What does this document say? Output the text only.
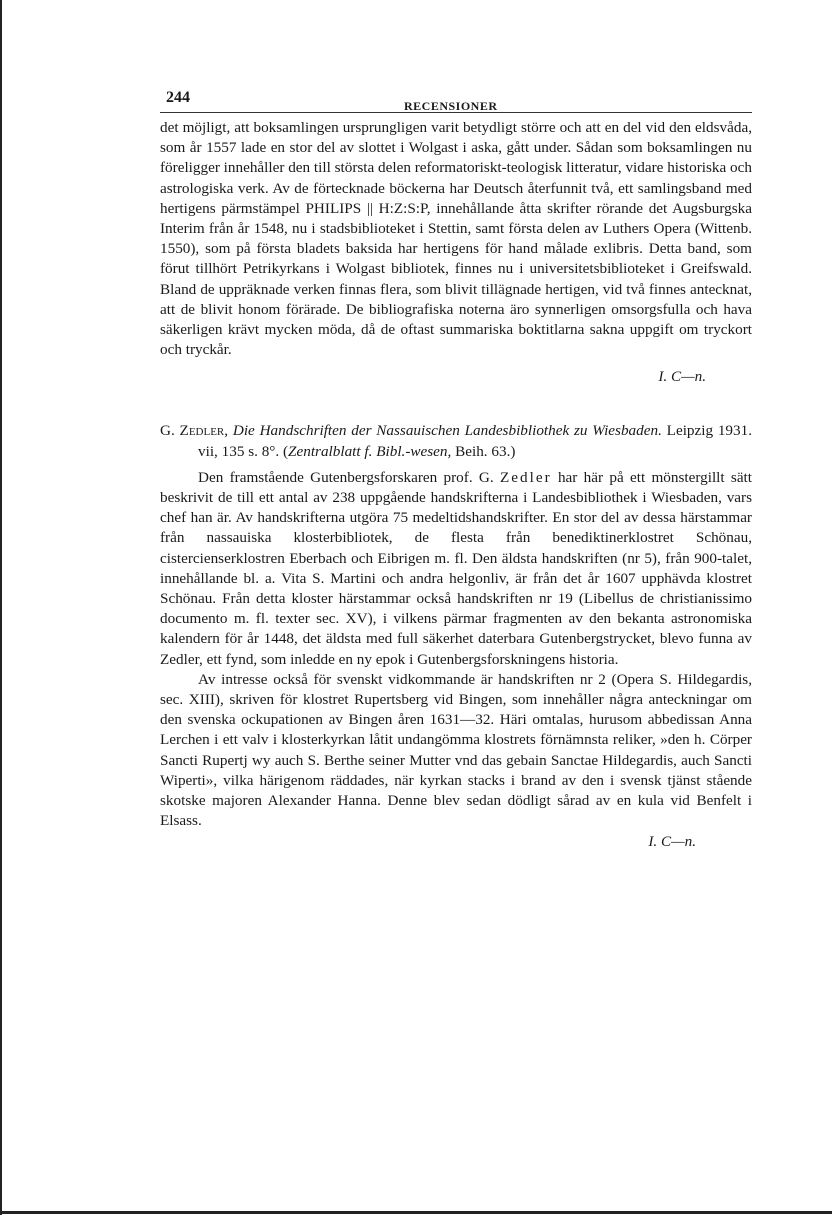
244	RECENSIONER

det möjligt, att boksamlingen ursprungligen varit betydligt större och att en del vid den eldsvåda, som år 1557 lade en stor del av slottet i Wolgast i aska, gått under. Sådan som boksamlingen nu föreligger innehåller den till största delen reformatoriskt-teologisk litteratur, vidare historiska och astrologiska verk. Av de förtecknade böckerna har Deutsch återfunnit två, ett samlingsband med hertigens pärmstämpel PHILIPS || H:Z:S:P, innehållande åtta skrifter rörande det Augsburgska Interim från år 1548, nu i stadsbiblioteket i Stettin, samt första delen av Luthers Opera (Wittenb. 1550), som på första bladets baksida har hertigens för hand målade exlibris. Detta band, som förut tillhört Petrikyrkans i Wolgast bibliotek, finnes nu i universitetsbiblioteket i Greifswald. Bland de uppräknade verken finnas flera, som blivit tillägnade hertigen, vid två finnes antecknat, att de blivit honom förärade. De bibliografiska noterna äro synnerligen omsorgsfulla och hava säkerligen krävt mycken möda, då de oftast summariska boktitlarna sakna uppgift om tryckort och tryckår.

I. C—n.

G. Zedler, Die Handschriften der Nassauischen Landesbibliothek zu Wiesbaden. Leipzig 1931. vii, 135 s. 8°. (Zentralblatt f. Bibl.-wesen, Beih. 63.)

Den framstående Gutenbergsforskaren prof. G. Zedler har här på ett mönstergillt sätt beskrivit de till ett antal av 238 uppgående handskrifterna i Landesbibliothek i Wiesbaden, vars chef han är. Av handskrifterna utgöra 75 medeltidshandskrifter. En stor del av dessa härstammar från nassauiska klosterbibliotek, de flesta från benediktinerklostret Schönau, cistercienserklostren Eberbach och Eibrigen m. fl. Den äldsta handskriften (nr 5), från 900-talet, innehållande bl. a. Vita S. Martini och andra helgonliv, är från det år 1607 upphävda klostret Schönau. Från detta kloster härstammar också handskriften nr 19 (Libellus de christianissimo documento m. fl. texter sec. XV), i vilkens pärmar fragmenten av den bekanta astronomiska kalendern för år 1448, det äldsta med full säkerhet daterbara Gutenbergstrycket, blevo funna av Zedler, ett fynd, som inledde en ny epok i Gutenbergsforskningens historia.

Av intresse också för svenskt vidkommande är handskriften nr 2 (Opera S. Hildegardis, sec. XIII), skriven för klostret Rupertsberg vid Bingen, som innehåller några anteckningar om den svenska ockupationen av Bingen åren 1631—32. Häri omtalas, hurusom abbedissan Anna Lerchen i ett valv i klosterkyrkan låtit undangömma klostrets förnämnsta reliker, »den h. Cörper Sancti Rupertj wy auch S. Berthe seiner Mutter vnd das gebain Sanctae Hildegardis, auch Sancti Wiperti», vilka härigenom räddades, när kyrkan stacks i brand av den i svensk tjänst stående skotske majoren Alexander Hanna. Denne blev sedan dödligt sårad av en kula vid Benfelt i Elsass.

I. C—n.
